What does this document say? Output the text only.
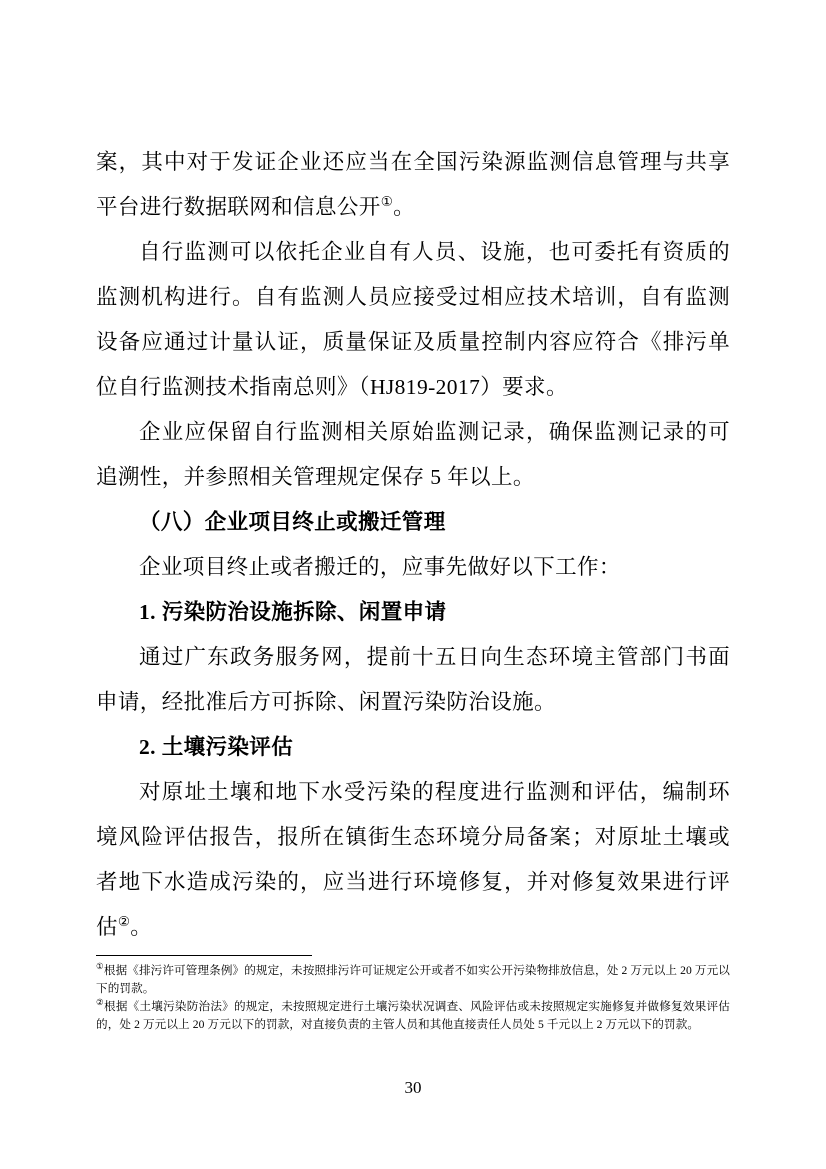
案，其中对于发证企业还应当在全国污染源监测信息管理与共享平台进行数据联网和信息公开①。

自行监测可以依托企业自有人员、设施，也可委托有资质的监测机构进行。自有监测人员应接受过相应技术培训，自有监测设备应通过计量认证，质量保证及质量控制内容应符合《排污单位自行监测技术指南总则》（HJ819-2017）要求。

企业应保留自行监测相关原始监测记录，确保监测记录的可追溯性，并参照相关管理规定保存 5 年以上。

（八）企业项目终止或搬迁管理

企业项目终止或者搬迁的，应事先做好以下工作：

1. 污染防治设施拆除、闲置申请

通过广东政务服务网，提前十五日向生态环境主管部门书面申请，经批准后方可拆除、闲置污染防治设施。

2. 土壤污染评估

对原址土壤和地下水受污染的程度进行监测和评估，编制环境风险评估报告，报所在镇街生态环境分局备案；对原址土壤或者地下水造成污染的，应当进行环境修复，并对修复效果进行评估②。

①根据《排污许可管理条例》的规定，未按照排污许可证规定公开或者不如实公开污染物排放信息，处 2 万元以上 20 万元以下的罚款。

②根据《土壤污染防治法》的规定，未按照规定进行土壤污染状况调查、风险评估或未按照规定实施修复并做修复效果评估的，处 2 万元以上 20 万元以下的罚款，对直接负责的主管人员和其他直接责任人员处 5 千元以上 2 万元以下的罚款。

30
